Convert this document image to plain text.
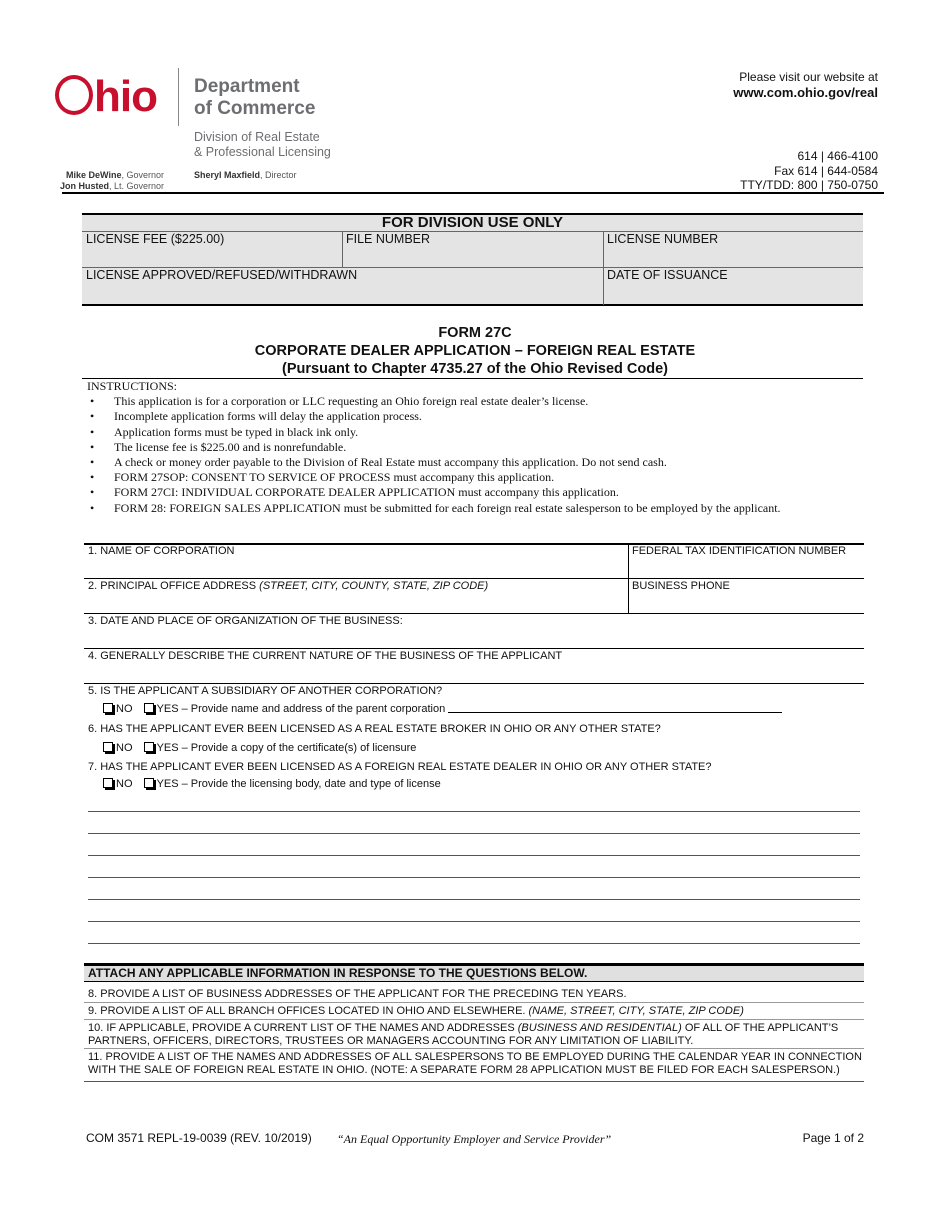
hio Department
of Commerce
Division of Real Estate
& Professional Licensing
Mike DeWine, Governor
Jon Husted, Lt. Governor
Sheryl Maxfield, Director
Please visit our website at
www.com.ohio.gov/real
614 | 466-4100
Fax 614 | 644-0584
TTY/TDD: 800 | 750-0750
FOR DIVISION USE ONLY
LICENSE FEE ($225.00)	FILE NUMBER	LICENSE NUMBER
LICENSE APPROVED/REFUSED/WITHDRAWN	DATE OF ISSUANCE
FORM 27C
CORPORATE DEALER APPLICATION – FOREIGN REAL ESTATE
(Pursuant to Chapter 4735.27 of the Ohio Revised Code)
INSTRUCTIONS:
• This application is for a corporation or LLC requesting an Ohio foreign real estate dealer’s license.
• Incomplete application forms will delay the application process.
• Application forms must be typed in black ink only.
• The license fee is $225.00 and is nonrefundable.
• A check or money order payable to the Division of Real Estate must accompany this application. Do not send cash.
• FORM 27SOP: CONSENT TO SERVICE OF PROCESS must accompany this application.
• FORM 27CI: INDIVIDUAL CORPORATE DEALER APPLICATION must accompany this application.
• FORM 28: FOREIGN SALES APPLICATION must be submitted for each foreign real estate salesperson to be employed by the applicant.
1. NAME OF CORPORATION	FEDERAL TAX IDENTIFICATION NUMBER
2. PRINCIPAL OFFICE ADDRESS (STREET, CITY, COUNTY, STATE, ZIP CODE)	BUSINESS PHONE
3. DATE AND PLACE OF ORGANIZATION OF THE BUSINESS:
4. GENERALLY DESCRIBE THE CURRENT NATURE OF THE BUSINESS OF THE APPLICANT
5. IS THE APPLICANT A SUBSIDIARY OF ANOTHER CORPORATION?
NO YES – Provide name and address of the parent corporation
6. HAS THE APPLICANT EVER BEEN LICENSED AS A REAL ESTATE BROKER IN OHIO OR ANY OTHER STATE?
NO YES – Provide a copy of the certificate(s) of licensure
7. HAS THE APPLICANT EVER BEEN LICENSED AS A FOREIGN REAL ESTATE DEALER IN OHIO OR ANY OTHER STATE?
NO YES – Provide the licensing body, date and type of license
ATTACH ANY APPLICABLE INFORMATION IN RESPONSE TO THE QUESTIONS BELOW.
8. PROVIDE A LIST OF BUSINESS ADDRESSES OF THE APPLICANT FOR THE PRECEDING TEN YEARS.
9. PROVIDE A LIST OF ALL BRANCH OFFICES LOCATED IN OHIO AND ELSEWHERE. (NAME, STREET, CITY, STATE, ZIP CODE)
10. IF APPLICABLE, PROVIDE A CURRENT LIST OF THE NAMES AND ADDRESSES (BUSINESS AND RESIDENTIAL) OF ALL OF THE APPLICANT’S
PARTNERS, OFFICERS, DIRECTORS, TRUSTEES OR MANAGERS ACCOUNTING FOR ANY LIMITATION OF LIABILITY.
11. PROVIDE A LIST OF THE NAMES AND ADDRESSES OF ALL SALESPERSONS TO BE EMPLOYED DURING THE CALENDAR YEAR IN CONNECTION
WITH THE SALE OF FOREIGN REAL ESTATE IN OHIO. (NOTE: A SEPARATE FORM 28 APPLICATION MUST BE FILED FOR EACH SALESPERSON.)
COM 3571 REPL-19-0039 (REV. 10/2019) “An Equal Opportunity Employer and Service Provider”	Page 1 of 2
